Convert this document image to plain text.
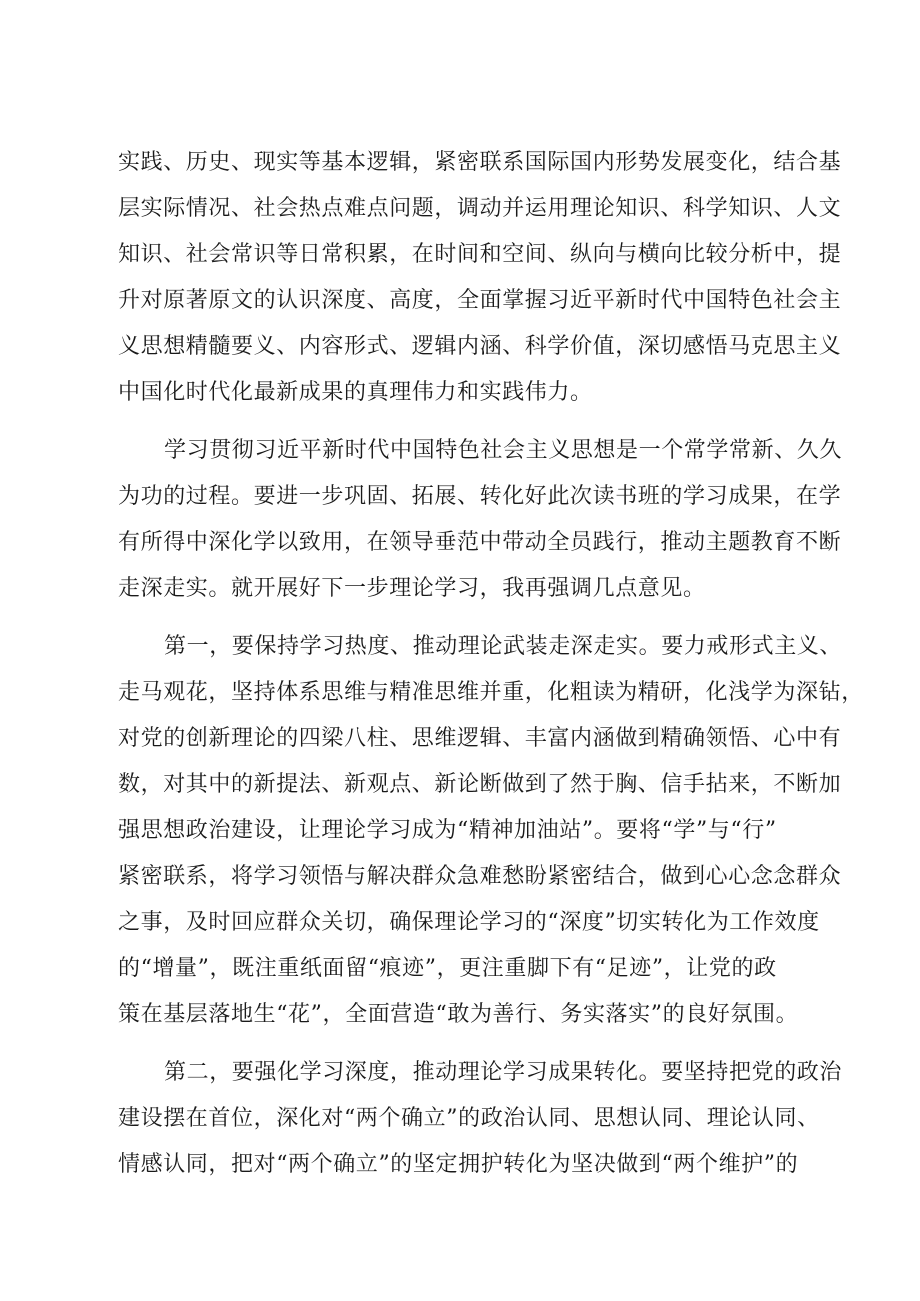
实践、历史、现实等基本逻辑，紧密联系国际国内形势发展变化，结合基
层实际情况、社会热点难点问题，调动并运用理论知识、科学知识、人文
知识、社会常识等日常积累，在时间和空间、纵向与横向比较分析中，提
升对原著原文的认识深度、高度，全面掌握习近平新时代中国特色社会主
义思想精髓要义、内容形式、逻辑内涵、科学价值，深切感悟马克思主义
中国化时代化最新成果的真理伟力和实践伟力。
学习贯彻习近平新时代中国特色社会主义思想是一个常学常新、久久
为功的过程。要进一步巩固、拓展、转化好此次读书班的学习成果，在学
有所得中深化学以致用，在领导垂范中带动全员践行，推动主题教育不断
走深走实。就开展好下一步理论学习，我再强调几点意见。
第一，要保持学习热度、推动理论武装走深走实。要力戒形式主义、
走马观花，坚持体系思维与精准思维并重，化粗读为精研，化浅学为深钻，
对党的创新理论的四梁八柱、思维逻辑、丰富内涵做到精确领悟、心中有
数，对其中的新提法、新观点、新论断做到了然于胸、信手拈来，不断加
强思想政治建设，让理论学习成为“精神加油站”。要将“学”与“行”
紧密联系，将学习领悟与解决群众急难愁盼紧密结合，做到心心念念群众
之事，及时回应群众关切，确保理论学习的“深度”切实转化为工作效度
的“增量”，既注重纸面留“痕迹”，更注重脚下有“足迹”，让党的政
策在基层落地生“花”，全面营造“敢为善行、务实落实”的良好氛围。
第二，要强化学习深度，推动理论学习成果转化。要坚持把党的政治
建设摆在首位，深化对“两个确立”的政治认同、思想认同、理论认同、
情感认同，把对“两个确立”的坚定拥护转化为坚决做到“两个维护”的
